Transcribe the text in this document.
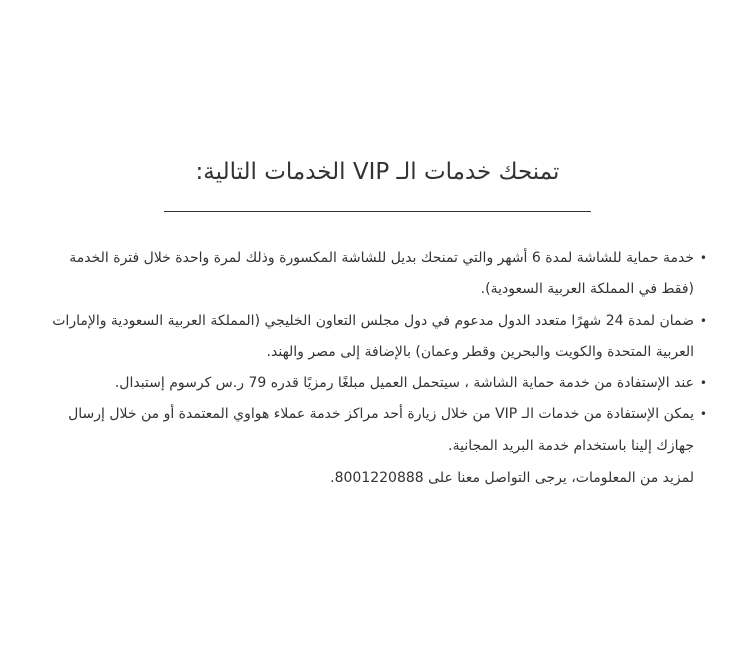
تمنحك خدمات الـ VIP الخدمات التالية:
•
خدمة حماية للشاشة لمدة 6 أشهر والتي تمنحك بديل للشاشة المكسورة وذلك لمرة واحدة خلال فترة الخدمة (فقط في المملكة العربية السعودية).
•
ضمان لمدة 24 شهرًا متعدد الدول مدعوم في دول مجلس التعاون الخليجي (المملكة العربية السعودية والإمارات العربية المتحدة والكويت والبحرين وقطر وعمان) بالإضافة إلى مصر والهند.
•
عند الإستفادة من خدمة حماية الشاشة ، سيتحمل العميل مبلغًا رمزيًا قدره 79 ر.س كرسوم إستبدال.
•
يمكن الإستفادة من خدمات الـ VIP من خلال زيارة أحد مراكز خدمة عملاء هواوي المعتمدة أو من خلال إرسال جهازك إلينا باستخدام خدمة البريد المجانية.

لمزيد من المعلومات، يرجى التواصل معنا على 8001220888.
